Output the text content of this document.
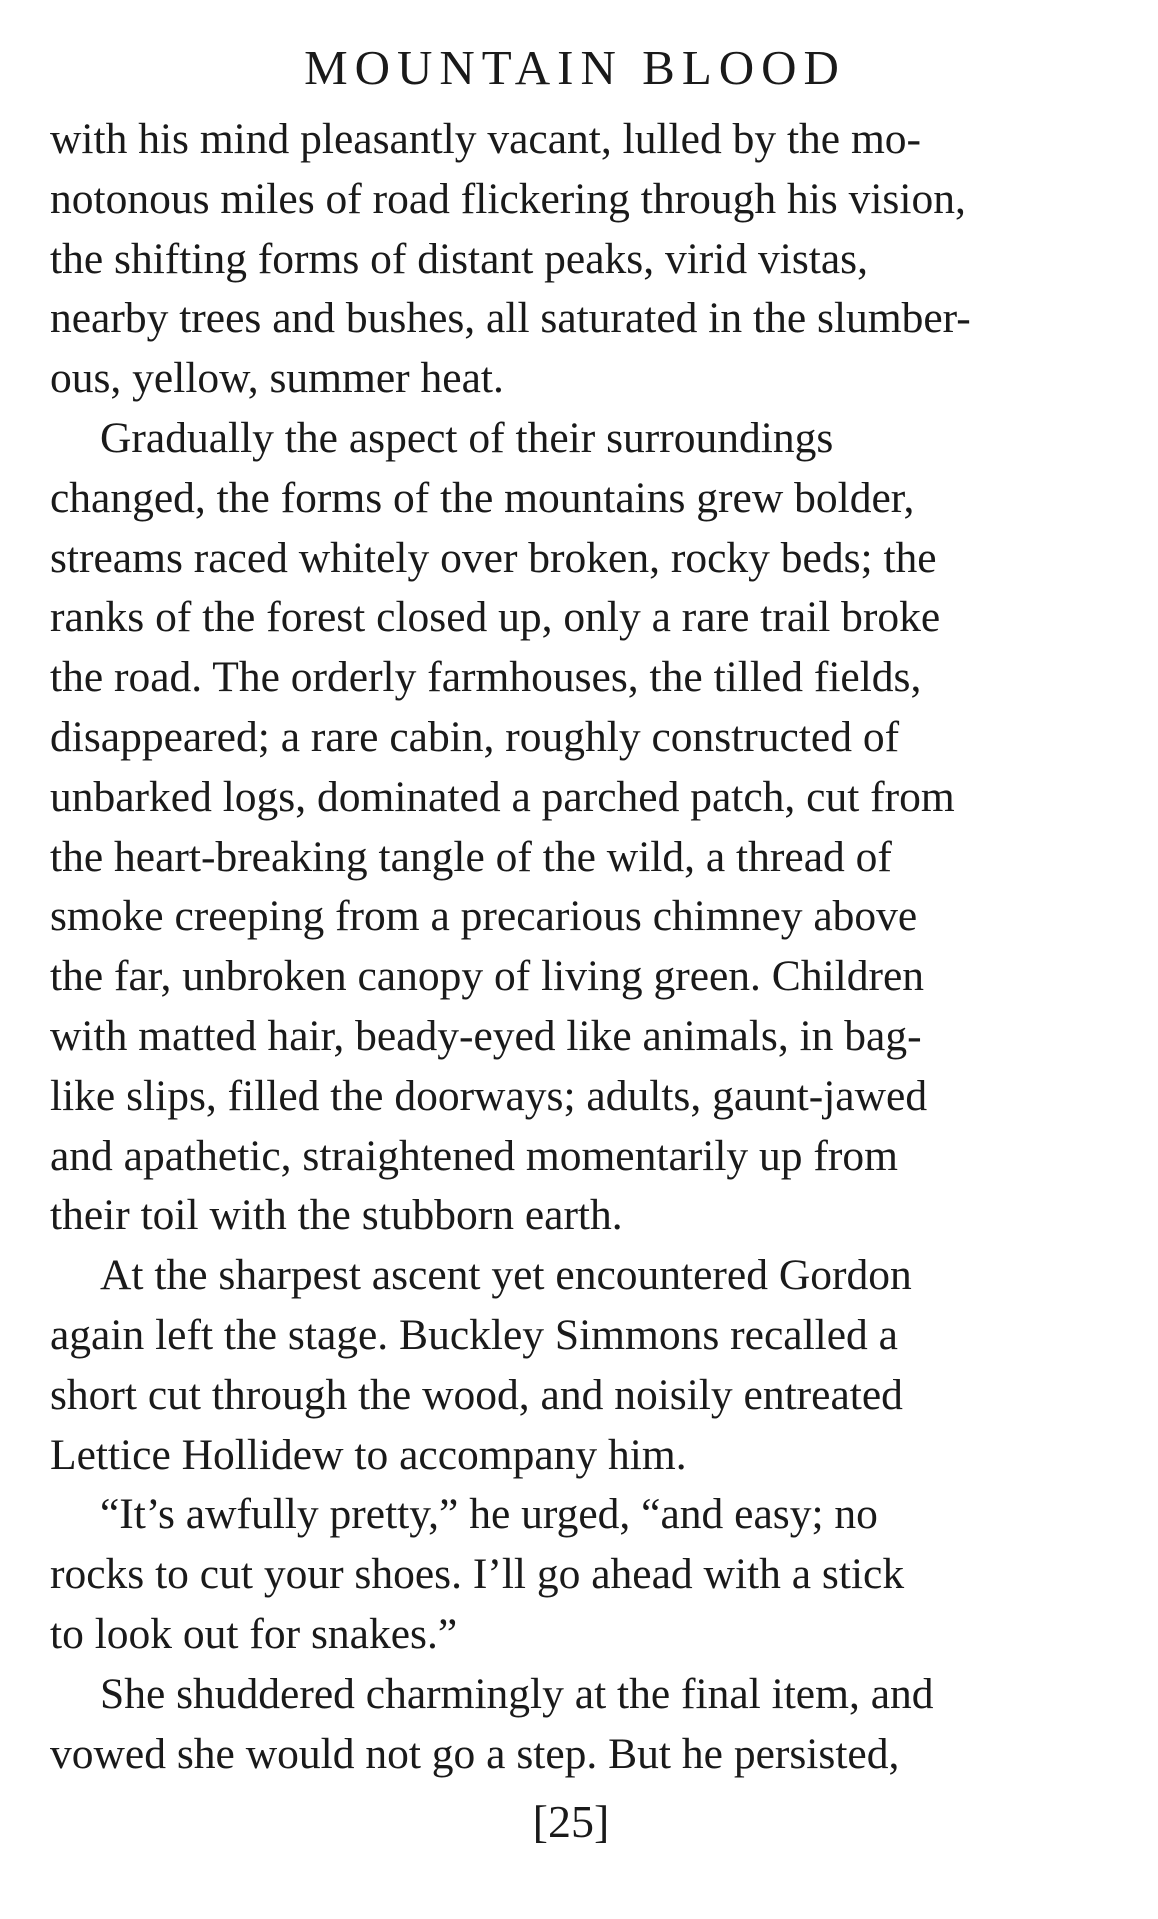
MOUNTAIN BLOOD
with his mind pleasantly vacant, lulled by the mo-
notonous miles of road flickering through his vision,
the shifting forms of distant peaks, virid vistas,
nearby trees and bushes, all saturated in the slumber-
ous, yellow, summer heat.
Gradually the aspect of their surroundings
changed, the forms of the mountains grew bolder,
streams raced whitely over broken, rocky beds; the
ranks of the forest closed up, only a rare trail broke
the road. The orderly farmhouses, the tilled fields,
disappeared; a rare cabin, roughly constructed of
unbarked logs, dominated a parched patch, cut from
the heart-breaking tangle of the wild, a thread of
smoke creeping from a precarious chimney above
the far, unbroken canopy of living green. Children
with matted hair, beady-eyed like animals, in bag-
like slips, filled the doorways; adults, gaunt-jawed
and apathetic, straightened momentarily up from
their toil with the stubborn earth.
At the sharpest ascent yet encountered Gordon
again left the stage. Buckley Simmons recalled a
short cut through the wood, and noisily entreated
Lettice Hollidew to accompany him.
“It’s awfully pretty,” he urged, “and easy; no
rocks to cut your shoes. I’ll go ahead with a stick
to look out for snakes.”
She shuddered charmingly at the final item, and
vowed she would not go a step. But he persisted,
[25]
